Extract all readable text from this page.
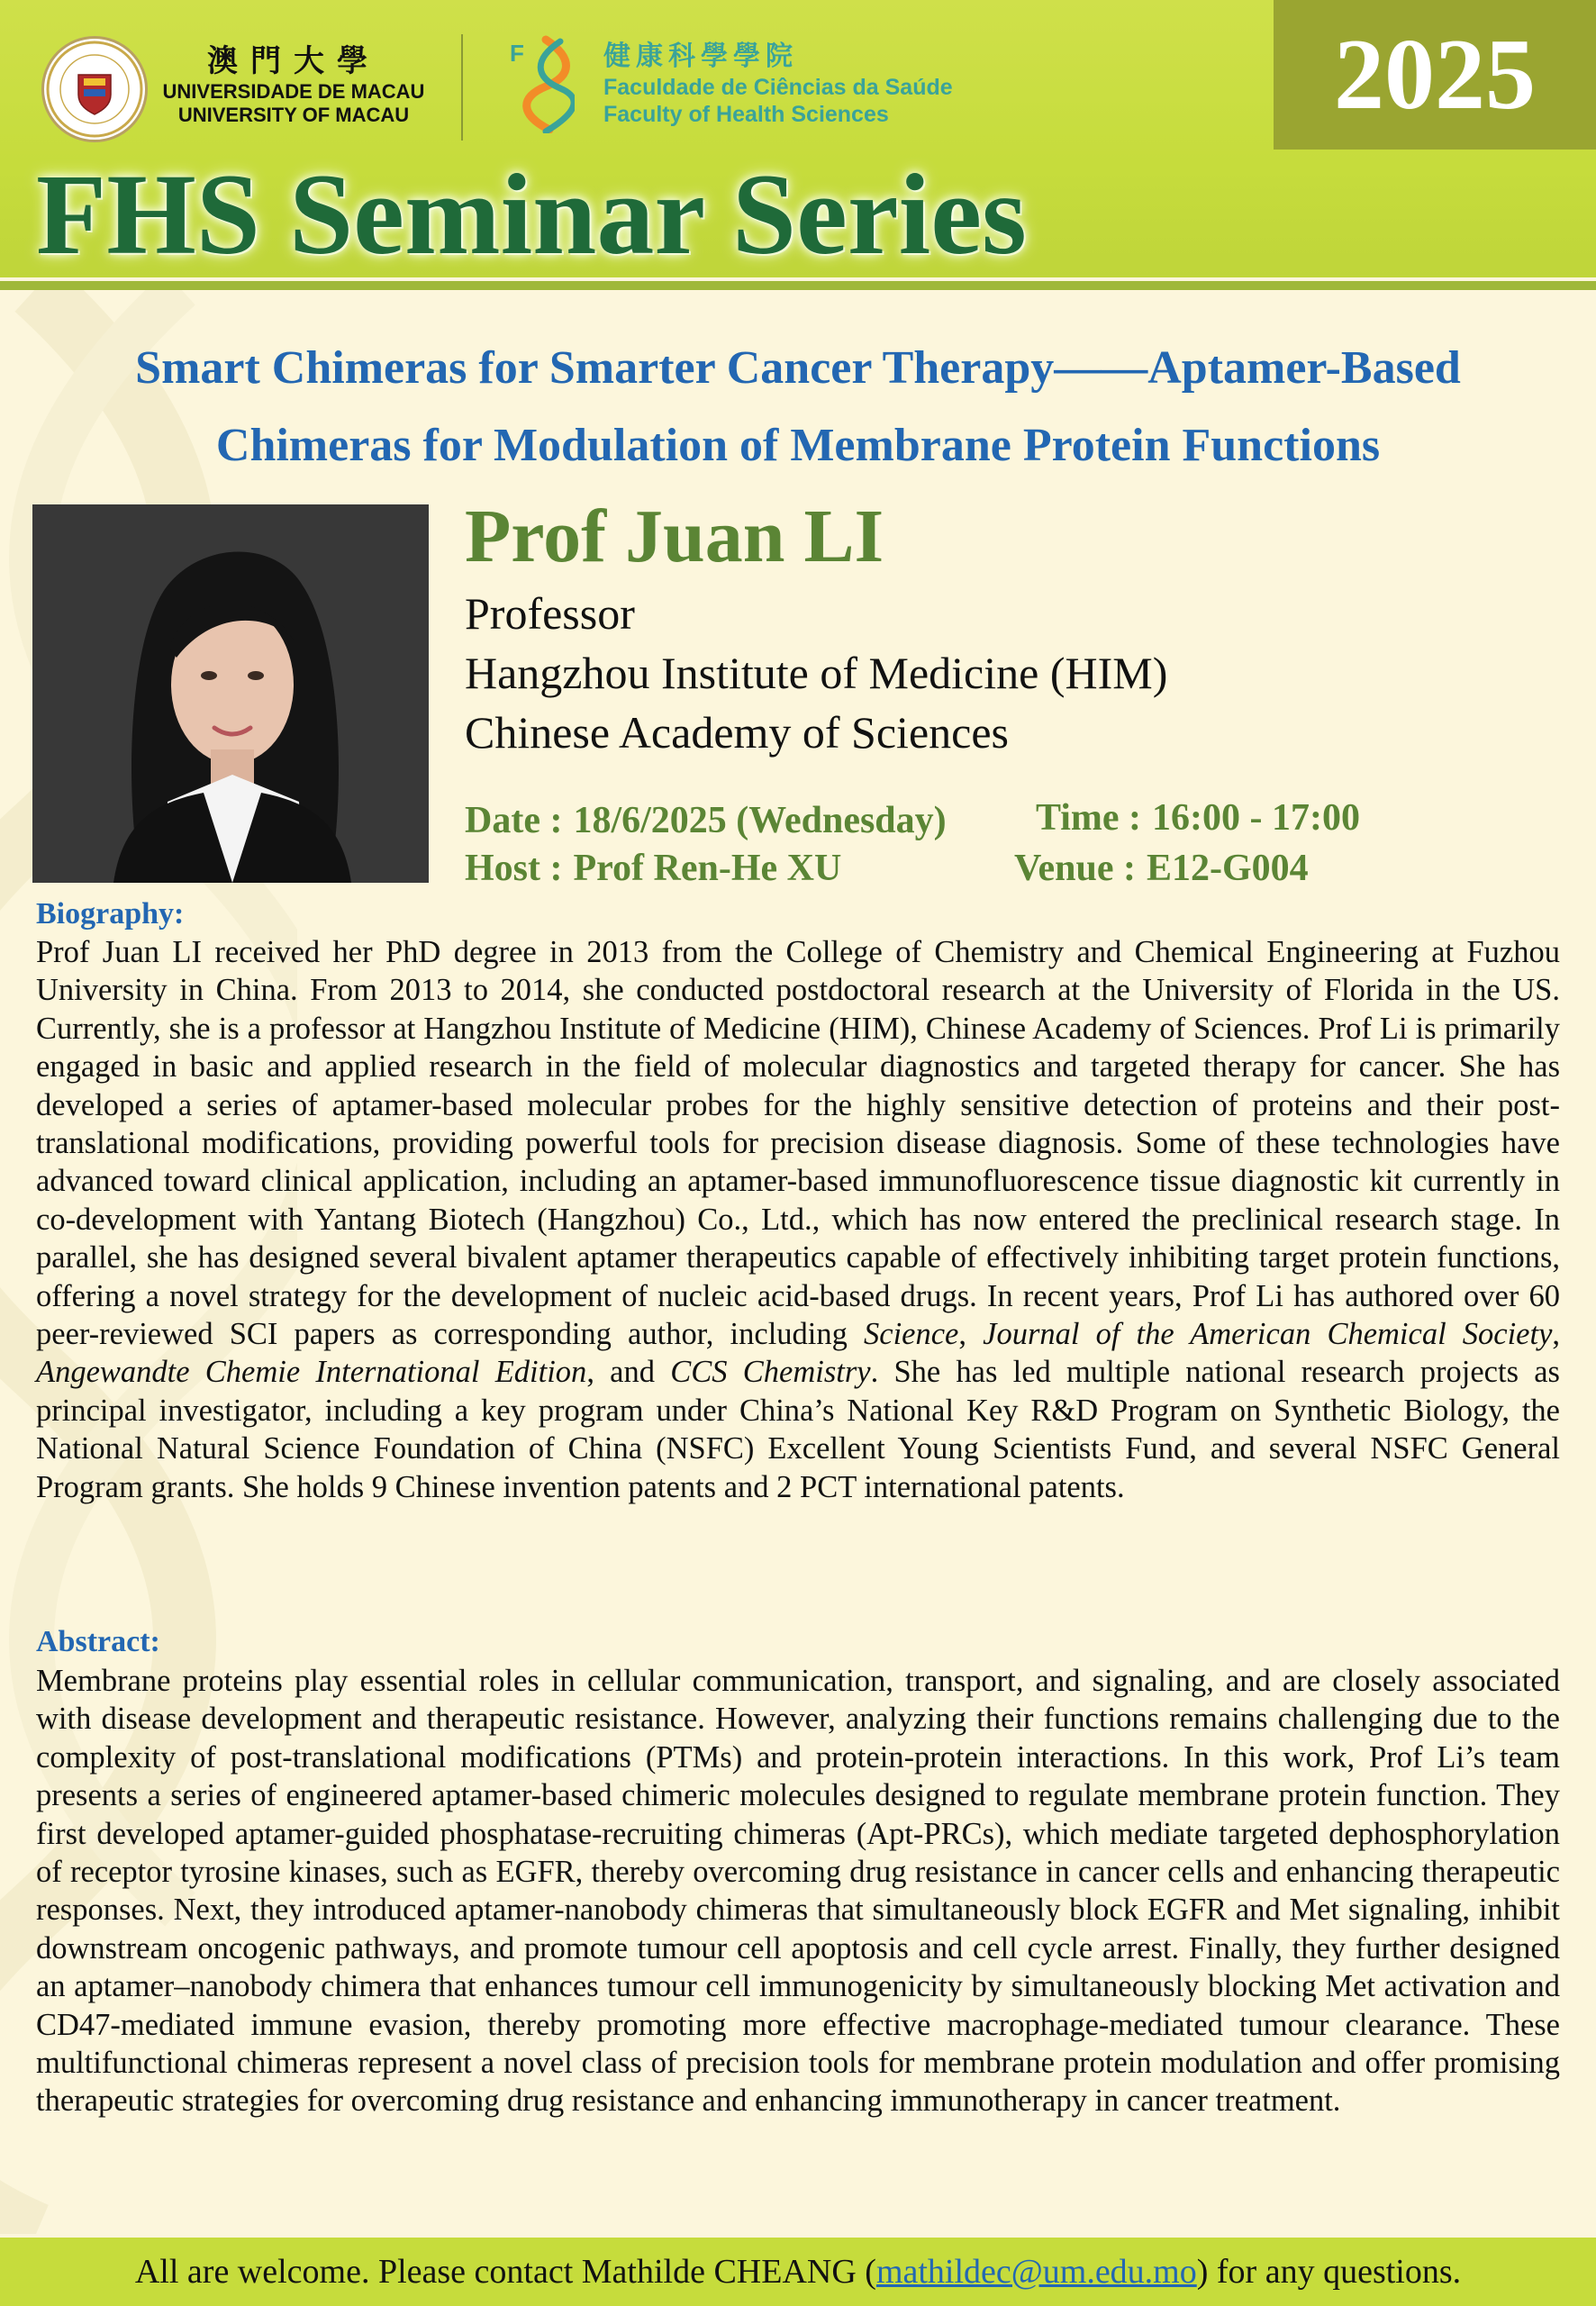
澳門大學
UNIVERSIDADE DE MACAU
UNIVERSITY OF MACAU
F	健康科學學院
Faculdade de Ciências da Saúde
Faculty of Health Sciences	2025
FHS Seminar Series
Smart Chimeras for Smarter Cancer Therapy——Aptamer-Based
Chimeras for Modulation of Membrane Protein Functions
Prof Juan LI
Professor
Hangzhou Institute of Medicine (HIM)
Chinese Academy of Sciences
Date : 18/6/2025 (Wednesday) Time : 16:00 - 17:00
Host : Prof Ren-He XU	Venue : E12-G004
Biography:
Prof Juan LI received her PhD degree in 2013 from the College of Chemistry and Chemical Engineering at Fuzhou University in China. From 2013 to 2014, she conducted postdoctoral research at the University of Florida in the US. Currently, she is a professor at Hangzhou Institute of Medicine (HIM), Chinese Academy of Sciences. Prof Li is primarily engaged in basic and applied research in the field of molecular diagnostics and targeted therapy for cancer. She has developed a series of aptamer-based molecular probes for the highly sensitive detection of proteins and their post-translational modifications, providing powerful tools for precision disease diagnosis. Some of these technologies have advanced toward clinical application, including an aptamer-based immunofluorescence tissue diagnostic kit currently in co-development with Yantang Biotech (Hangzhou) Co., Ltd., which has now entered the preclinical research stage. In parallel, she has designed several bivalent aptamer therapeutics capable of effectively inhibiting target protein functions, offering a novel strategy for the development of nucleic acid-based drugs. In recent years, Prof Li has authored over 60 peer-reviewed SCI papers as corresponding author, including Science, Journal of the American Chemical Society, Angewandte Chemie International Edition, and CCS Chemistry. She has led multiple national research projects as principal investigator, including a key program under China’s National Key R&D Program on Synthetic Biology, the National Natural Science Foundation of China (NSFC) Excellent Young Scientists Fund, and several NSFC General Program grants. She holds 9 Chinese invention patents and 2 PCT international patents.
Abstract:
Membrane proteins play essential roles in cellular communication, transport, and signaling, and are closely associated with disease development and therapeutic resistance. However, analyzing their functions remains challenging due to the complexity of post-translational modifications (PTMs) and protein-protein interactions. In this work, Prof Li’s team presents a series of engineered aptamer-based chimeric molecules designed to regulate membrane protein function. They first developed aptamer-guided phosphatase-recruiting chimeras (Apt-PRCs), which mediate targeted dephosphorylation of receptor tyrosine kinases, such as EGFR, thereby overcoming drug resistance in cancer cells and enhancing therapeutic responses. Next, they introduced aptamer-nanobody chimeras that simultaneously block EGFR and Met signaling, inhibit downstream oncogenic pathways, and promote tumour cell apoptosis and cell cycle arrest. Finally, they further designed an aptamer–nanobody chimera that enhances tumour cell immunogenicity by simultaneously blocking Met activation and CD47-mediated immune evasion, thereby promoting more effective macrophage-mediated tumour clearance. These multifunctional chimeras represent a novel class of precision tools for membrane protein modulation and offer promising therapeutic strategies for overcoming drug resistance and enhancing immunotherapy in cancer treatment.
All are welcome. Please contact Mathilde CHEANG ( mathildec@um.edu.mo ) for any questions.
